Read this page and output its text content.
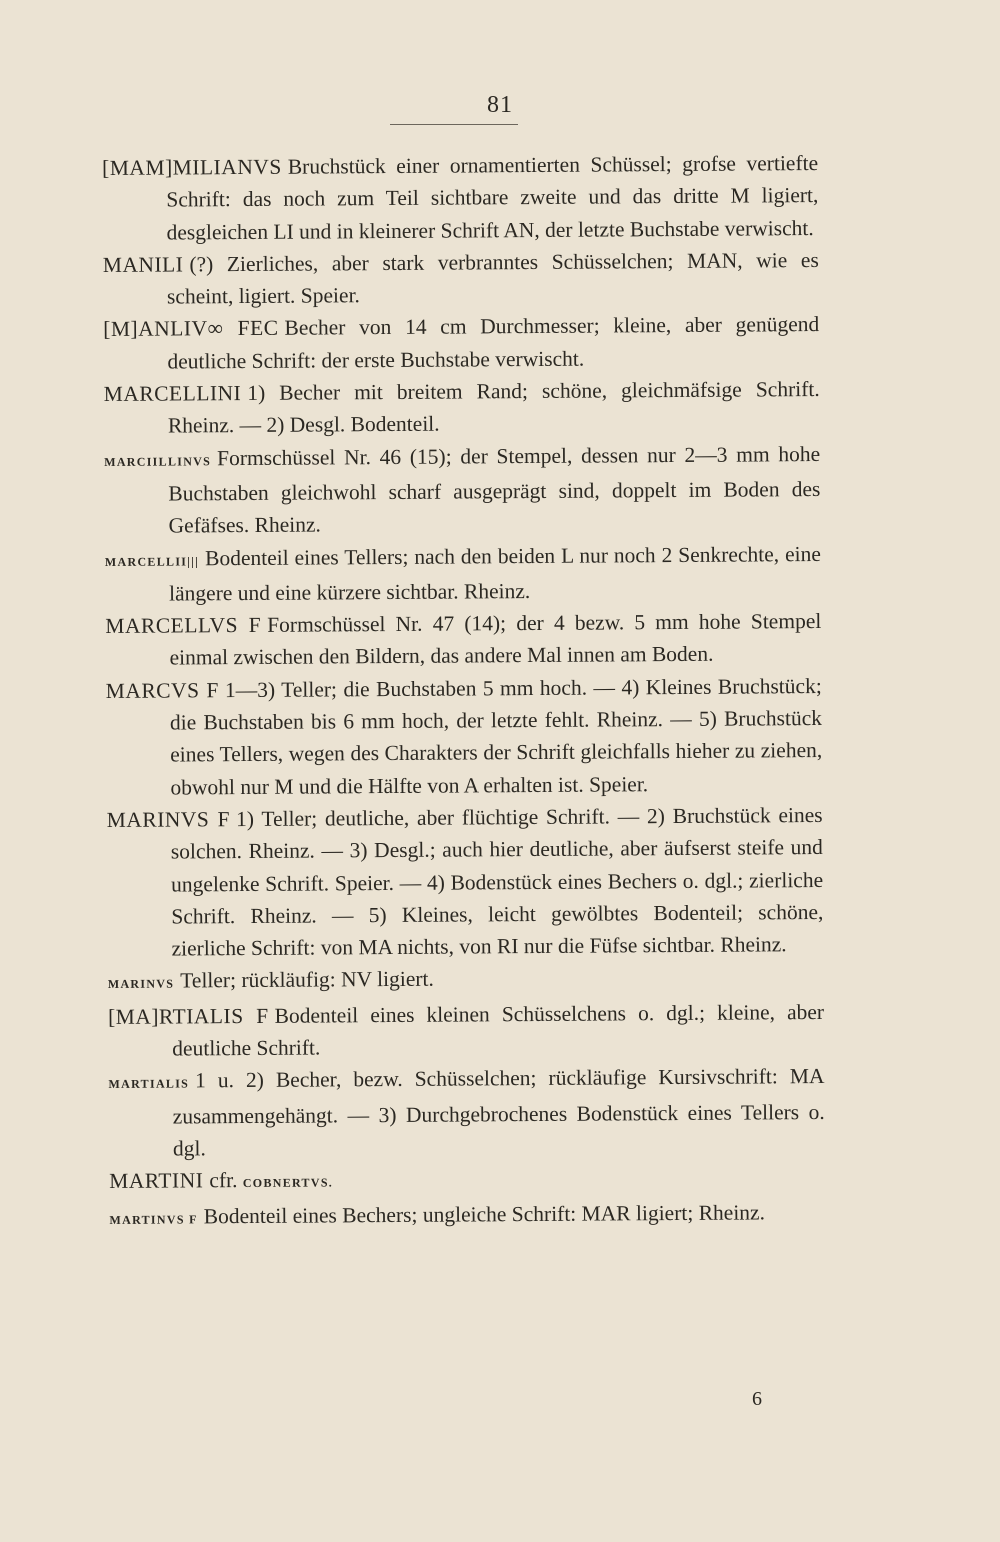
81

[MAM]MILIANVS Bruchstück einer ornamentierten Schüssel; grofse vertiefte Schrift: das noch zum Teil sichtbare zweite und das dritte M ligiert, desgleichen LI und in kleinerer Schrift AN, der letzte Buchstabe verwischt.

MANILI (?) Zierliches, aber stark verbranntes Schüsselchen; MAN, wie es scheint, ligiert. Speier.

[M]ANLIV∞ FEC Becher von 14 cm Durchmesser; kleine, aber genügend deutliche Schrift: der erste Buchstabe verwischt.

MARCELLINI 1) Becher mit breitem Rand; schöne, gleichmäfsige Schrift. Rheinz. — 2) Desgl. Bodenteil.

MARCIILLINVS Formschüssel Nr. 46 (15); der Stempel, dessen nur 2—3 mm hohe Buchstaben gleichwohl scharf ausgeprägt sind, doppelt im Boden des Gefäfses. Rheinz.

MARCELLII||| Bodenteil eines Tellers; nach den beiden L nur noch 2 Senkrechte, eine längere und eine kürzere sichtbar. Rheinz.

MARCELLVS F Formschüssel Nr. 47 (14); der 4 bezw. 5 mm hohe Stempel einmal zwischen den Bildern, das andere Mal innen am Boden.

MARCVS F 1—3) Teller; die Buchstaben 5 mm hoch. — 4) Kleines Bruchstück; die Buchstaben bis 6 mm hoch, der letzte fehlt. Rheinz. — 5) Bruchstück eines Tellers, wegen des Charakters der Schrift gleichfalls hieher zu ziehen, obwohl nur M und die Hälfte von A erhalten ist. Speier.

MARINVS F 1) Teller; deutliche, aber flüchtige Schrift. — 2) Bruchstück eines solchen. Rheinz. — 3) Desgl.; auch hier deutliche, aber äufserst steife und ungelenke Schrift. Speier. — 4) Bodenstück eines Bechers o. dgl.; zierliche Schrift. Rheinz. — 5) Kleines, leicht gewölbtes Bodenteil; schöne, zierliche Schrift: von MA nichts, von RI nur die Füfse sichtbar. Rheinz.

MARINVS Teller; rückläufig: NV ligiert.

[MA]RTIALIS F Bodenteil eines kleinen Schüsselchens o. dgl.; kleine, aber deutliche Schrift.

MARTIALIS 1 u. 2) Becher, bezw. Schüsselchen; rückläufige Kursivschrift: MA zusammengehängt. — 3) Durchgebrochenes Bodenstück eines Tellers o. dgl.

MARTINI cfr. COBNERTVS.

MARTINVS F Bodenteil eines Bechers; ungleiche Schrift: MAR ligiert; Rheinz.

6
